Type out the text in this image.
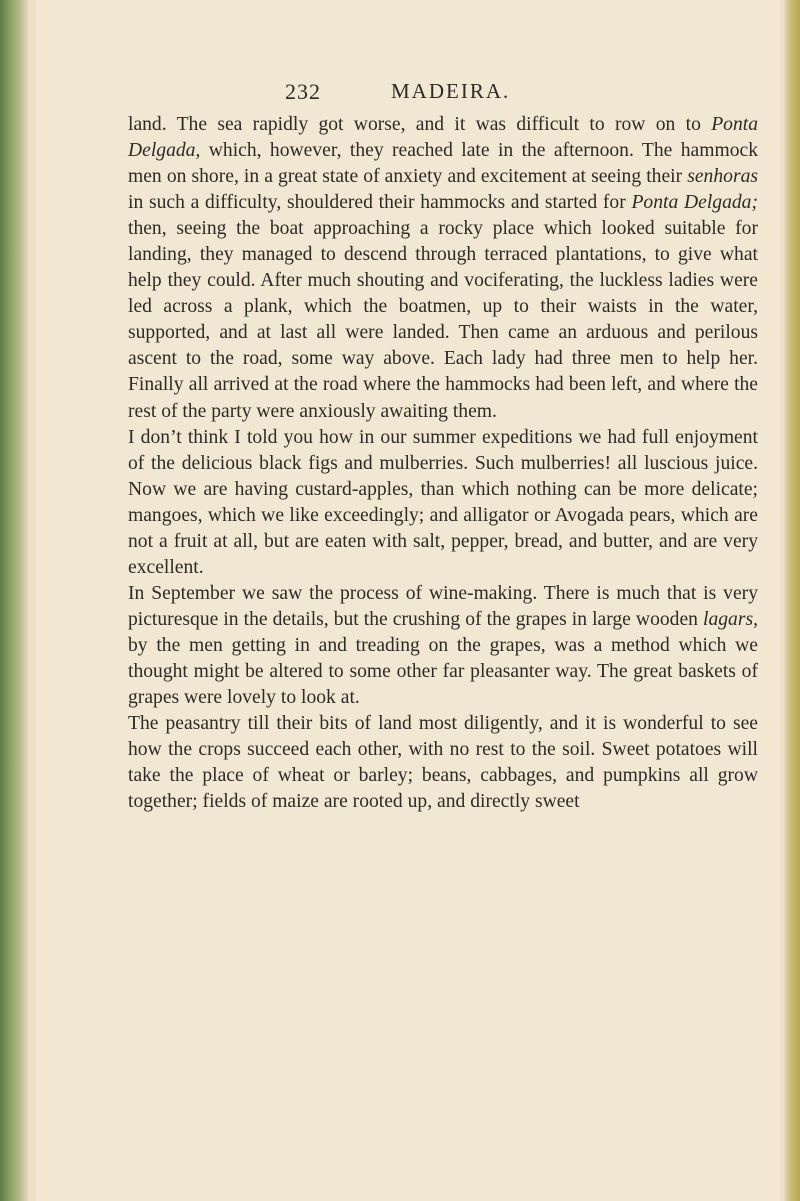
232	MADEIRA.

land. The sea rapidly got worse, and it was difficult to row on to Ponta Delgada, which, however, they reached late in the afternoon. The hammock men on shore, in a great state of anxiety and excitement at seeing their senhoras in such a difficulty, shouldered their hammocks and started for Ponta Delgada; then, seeing the boat approaching a rocky place which looked suitable for landing, they managed to descend through terraced plantations, to give what help they could. After much shouting and vociferating, the luckless ladies were led across a plank, which the boatmen, up to their waists in the water, supported, and at last all were landed. Then came an arduous and perilous ascent to the road, some way above. Each lady had three men to help her. Finally all arrived at the road where the hammocks had been left, and where the rest of the party were anxiously awaiting them.

I don’t think I told you how in our summer expeditions we had full enjoyment of the delicious black figs and mulberries. Such mulberries! all luscious juice. Now we are having custard-apples, than which nothing can be more delicate; mangoes, which we like exceedingly; and alligator or Avogada pears, which are not a fruit at all, but are eaten with salt, pepper, bread, and butter, and are very excellent.

In September we saw the process of wine-making. There is much that is very picturesque in the details, but the crushing of the grapes in large wooden lagars, by the men getting in and treading on the grapes, was a method which we thought might be altered to some other far pleasanter way. The great baskets of grapes were lovely to look at.

The peasantry till their bits of land most diligently, and it is wonderful to see how the crops succeed each other, with no rest to the soil. Sweet potatoes will take the place of wheat or barley; beans, cabbages, and pumpkins all grow together; fields of maize are rooted up, and directly sweet
